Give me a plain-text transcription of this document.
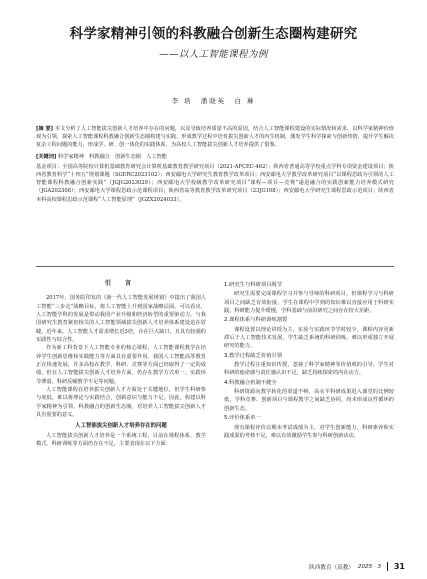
科学家精神引领的科教融合创新生态圈构建研究
——以人工智能课程为例
李 培　潘晓英　白 琳

[摘 要] 本文分析了人工智能拔尖创新人才培养中存在的问题，以及导致培养质量不高的原因，结合人工智能课程建设的实际情况和需求，以科学家精神价值观为引领，探索人工智能课程科教融合创新生态圈构建与实践，形成教学过程中培育拔尖创新人才的内生机制，激发学生科学探索与创新热情，提升学生解决复杂工程问题的能力，形成学、研、创一体化的实践体系，为高校人工智能拔尖创新人才培养提供了借鉴。

[关键词] 科学家精神　科教融合　创新生态圈　人工智能

基金项目：全国高等院校计算机基础教育研究会计算机基础教育教学研究项目（2021-AFCEC-462）；陕西省普通高等学校重点学科专项资金建设项目；陕西省教育科学“十四五”规划课题（SGERC2023102）；西安邮电大学研究生教育教学改革项目；西安邮电大学教学改革研究项目“以课程思政为引领的人工智能课程科教融合创新实践”（JGJG2023029）；西安邮电大学校级教学改革研究项目“课程—项目—竞赛”递进融合的实践创新能力培养模式研究（JGA202308）；西安邮电大学课程思政示范课程项目；陕西省高等教育教学改革研究项目（23JG108）；西安邮电大学研究生课程思政示范项目；陕西省本科高校课程思政示范课程“人工智能原理”（JGZX2024033）。

引 言

2017年，国务院印发的《新一代人工智能发展规划》中提出了我国人工智能“三步走”战略目标，将人工智能上升到国家战略层面，可以看出，人工智能学科的发展是带动我国产业升级和经济转型的重要驱动力，与我国研究生教育紧密相关的人工智能领域拔尖创新人才培养体系建设迫在眉睫。近年来，人工智能人才需求增长近3倍，存在巨大缺口，且具有较强的实践性与综合性。

作为新工科背景下人工智能专业的核心课程，人工智能课程教学在培养学生创新思维和实践能力等方面具有重要作用。我国人工智能高等教育正在快速发展，许多高校在教学、科研、竞赛等方面已经取得了一定的成绩，但在人工智能拔尖创新人才培养方面，仍存在教学方式单一、实践环节薄弱、科研反哺教学不足等问题。

人工智能课程在培养拔尖创新人才方面处于关键地位，但学生科研参与度低，难以将理论与实践结合，创新意识与能力不足。因此，构建以科学家精神为引领、科教融合的创新生态圈，对培养人工智能拔尖创新人才具有重要的意义。

人工智能拔尖创新人才培养存在的问题

人工智能拔尖创新人才培养是一个系统工程，目前在课程体系、教学模式、科研训练等方面仍存在不足，主要表现在以下方面：

1.研究生与科研项目脱节

研究生需要完成课程学习并参与导师的科研项目，但课程学习与科研项目之间缺乏有效衔接，学生在课程中学到的知识难以直接应用于科研实践，科研能力提升缓慢，学科基础与前沿研究之间存在较大差距。

2.课程体系与科研训练割裂

课程设置以理论讲授为主，实验与实践环节学时较少，课程内容更新滞后于人工智能技术发展，学生缺乏系统的科研训练，难以形成独立开展研究的能力。

3.教学过程缺乏价值引领

教学过程注重知识传授，忽视了科学家精神等价值观的引导，学生对科研的使命感与责任感认识不足，缺乏持续探索的内在动力。

4.科教融合机制不健全

科研资源向教学转化的渠道不畅，高水平科研成果进入课堂的比例较低，学科竞赛、创新项目与课程教学之间缺乏协同，尚未形成良性循环的创新生态。

5.评价体系单一

现有课程评价以期末考试成绩为主，对学生创新能力、科研素养和实践成果的考核不足，难以有效激励学生参与科研创新活动。

陕西教育（高教） 2025 · 3 31
